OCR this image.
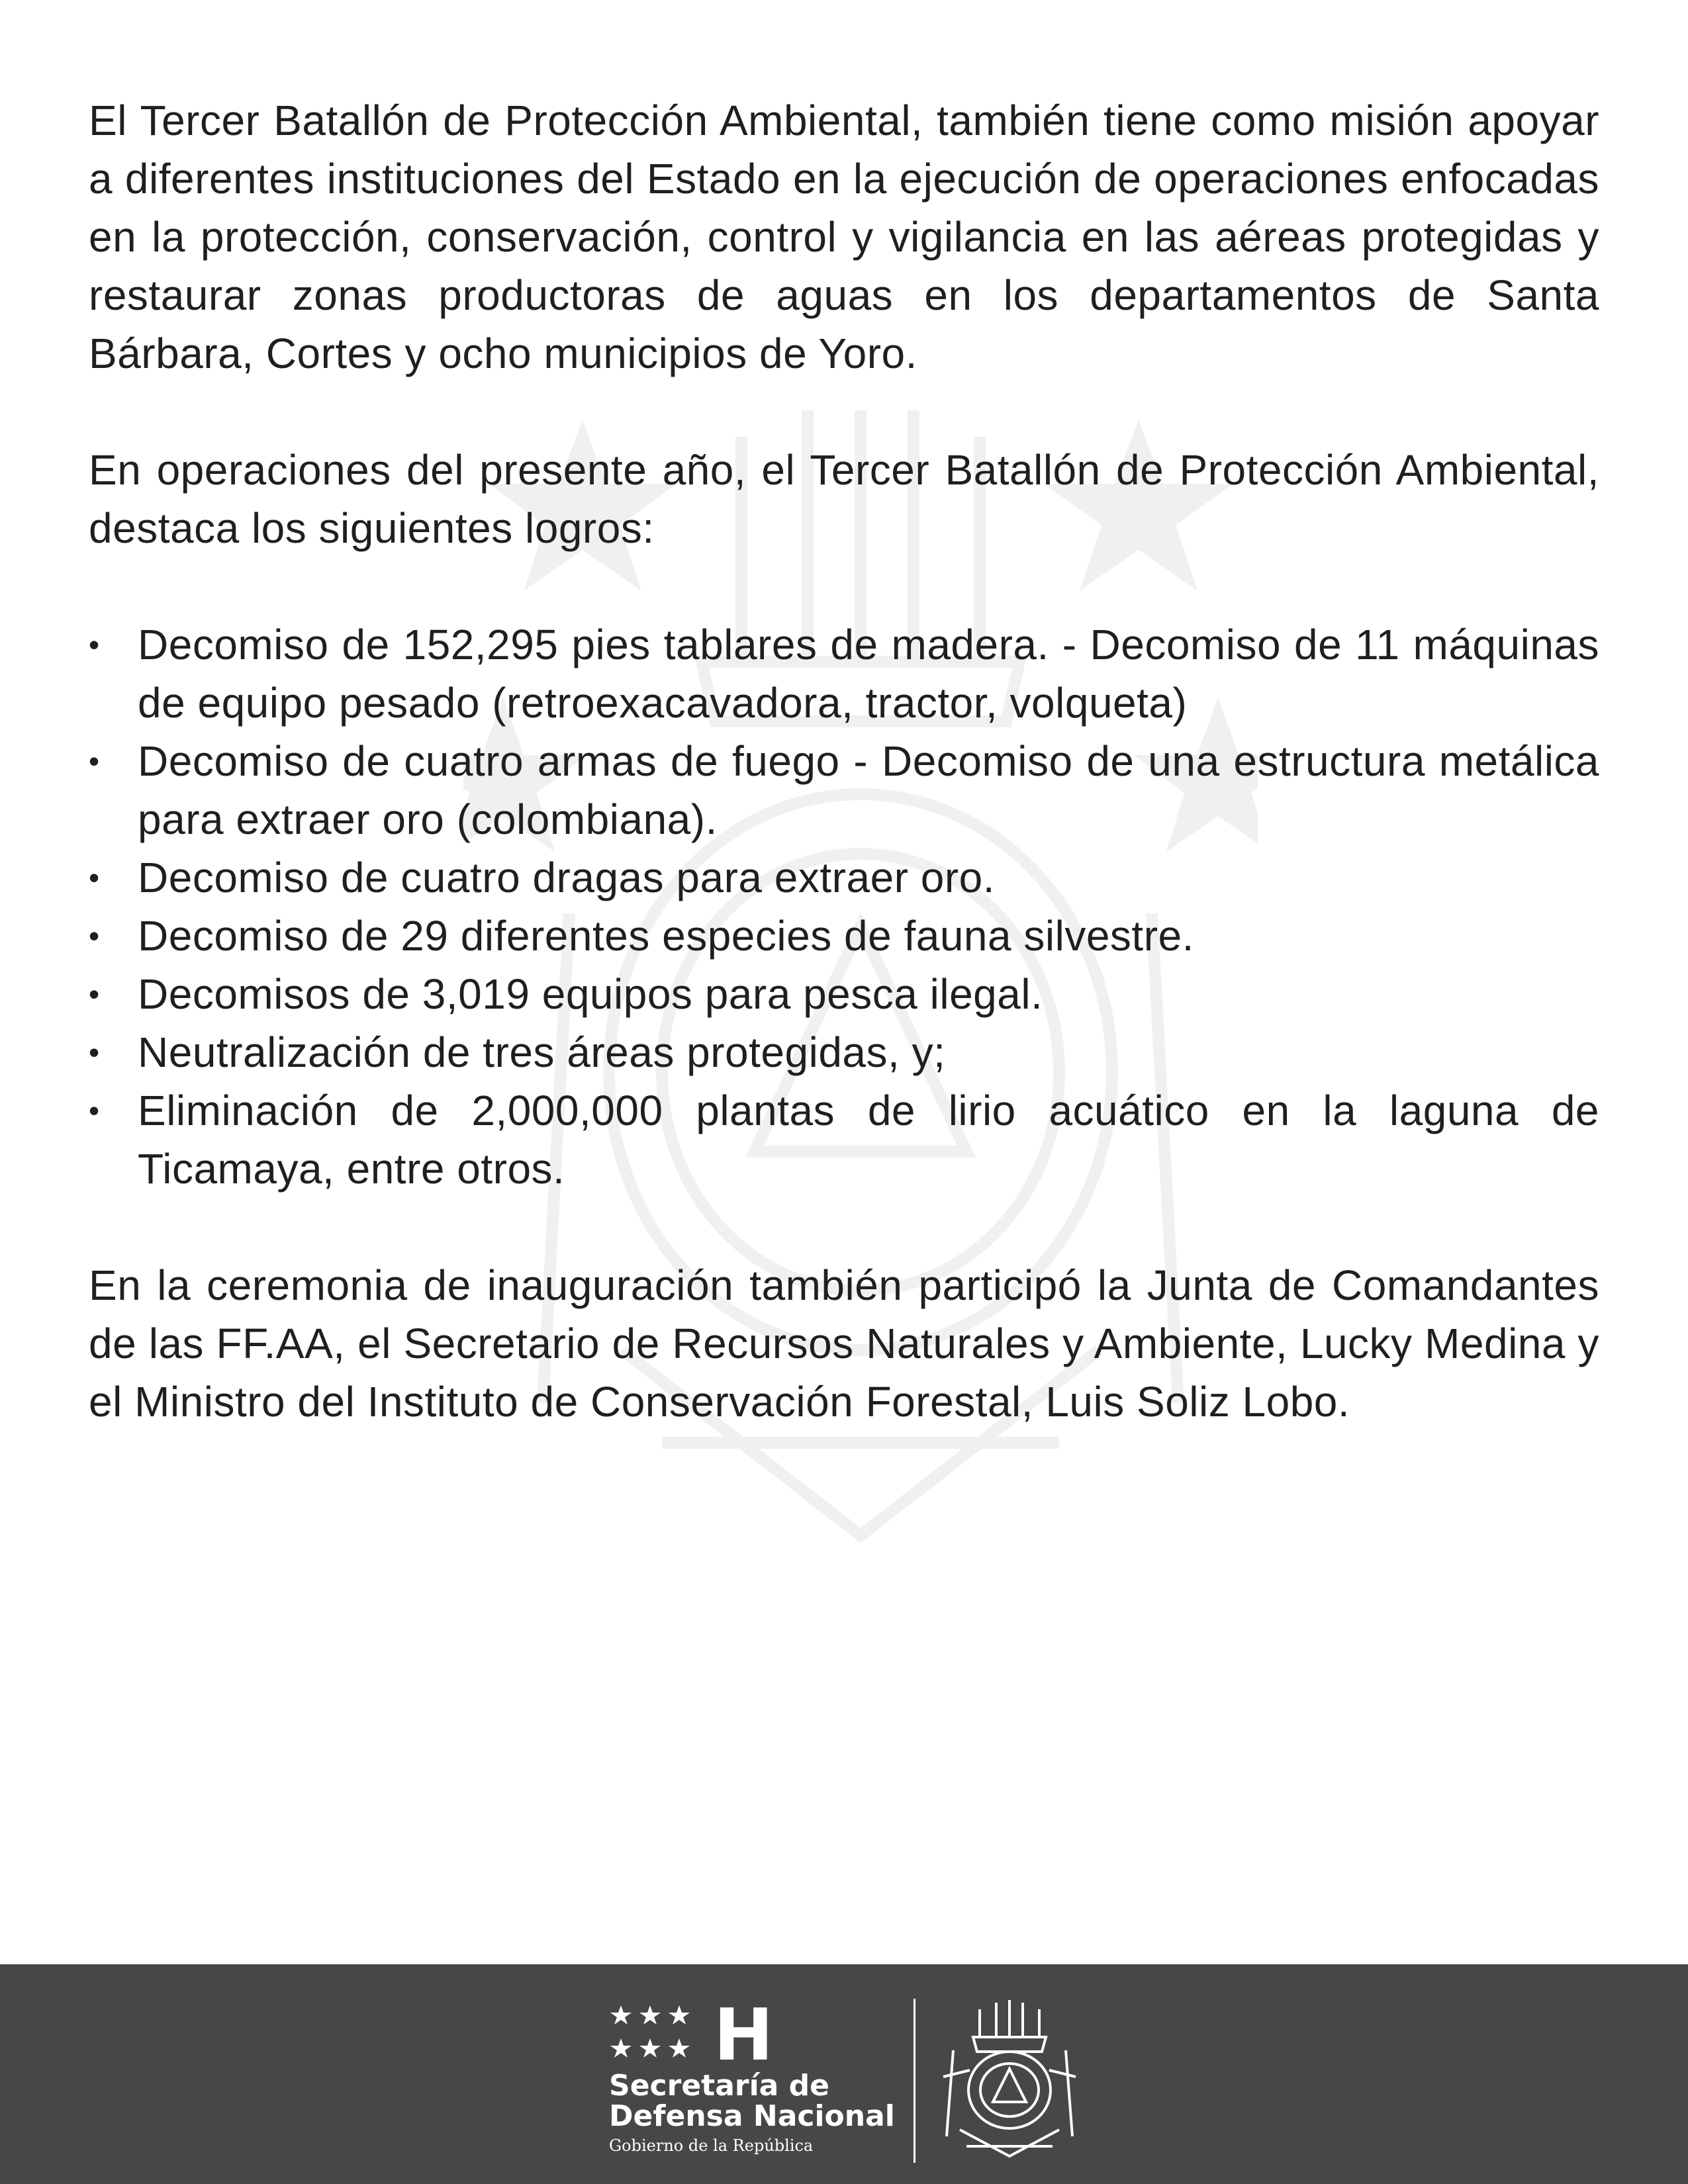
El Tercer Batallón de Protección Ambiental, también tiene como misión apoyar a diferentes instituciones del Estado en la ejecución de operaciones enfocadas en la protección, conservación, control y vigilancia en las aéreas protegidas y restaurar zonas productoras de aguas en los departamentos de Santa Bárbara, Cortes y ocho municipios de Yoro.

En operaciones del presente año, el Tercer Batallón de Protección Ambiental, destaca los siguientes logros:

• Decomiso de 152,295 pies tablares de madera. - Decomiso de 11 máquinas de equipo pesado (retroexacavadora, tractor, volqueta)
• Decomiso de cuatro armas de fuego - Decomiso de una estructura metálica para extraer oro (colombiana).
• Decomiso de cuatro dragas para extraer oro.
• Decomiso de 29 diferentes especies de fauna silvestre.
• Decomisos de 3,019 equipos para pesca ilegal.
• Neutralización de tres áreas protegidas, y;
• Eliminación de 2,000,000 plantas de lirio acuático en la laguna de Ticamaya, entre otros.

En la ceremonia de inauguración también participó la Junta de Comandantes de las FF.AA, el Secretario de Recursos Naturales y Ambiente, Lucky Medina y el Ministro del Instituto de Conservación Forestal, Luis Soliz Lobo.

H
Secretaría de
Defensa Nacional
Gobierno de la República
